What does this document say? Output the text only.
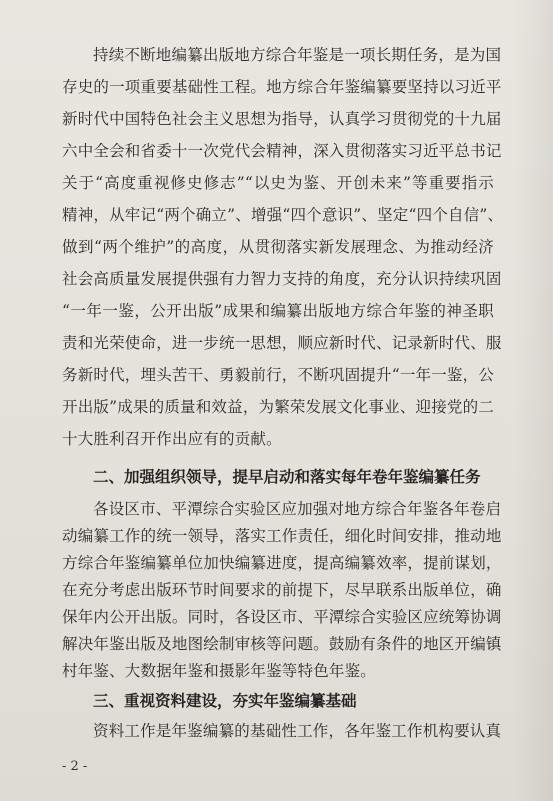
持续不断地编纂出版地方综合年鉴是一项长期任务，是为国
存史的一项重要基础性工程。地方综合年鉴编纂要坚持以习近平
新时代中国特色社会主义思想为指导，认真学习贯彻党的十九届
六中全会和省委十一次党代会精神，深入贯彻落实习近平总书记
关于“高度重视修史修志”“以史为鉴、开创未来”等重要指示
精神，从牢记“两个确立”、增强“四个意识”、坚定“四个自信”、
做到“两个维护”的高度，从贯彻落实新发展理念、为推动经济
社会高质量发展提供强有力智力支持的角度，充分认识持续巩固
“一年一鉴，公开出版”成果和编纂出版地方综合年鉴的神圣职
责和光荣使命，进一步统一思想，顺应新时代、记录新时代、服
务新时代，埋头苦干、勇毅前行，不断巩固提升“一年一鉴，公
开出版”成果的质量和效益，为繁荣发展文化事业、迎接党的二
十大胜利召开作出应有的贡献。
二、加强组织领导，提早启动和落实每年卷年鉴编纂任务
各设区市、平潭综合实验区应加强对地方综合年鉴各年卷启
动编纂工作的统一领导，落实工作责任，细化时间安排，推动地
方综合年鉴编纂单位加快编纂进度，提高编纂效率，提前谋划，
在充分考虑出版环节时间要求的前提下，尽早联系出版单位，确
保年内公开出版。同时，各设区市、平潭综合实验区应统筹协调
解决年鉴出版及地图绘制审核等问题。鼓励有条件的地区开编镇
村年鉴、大数据年鉴和摄影年鉴等特色年鉴。
三、重视资料建设，夯实年鉴编纂基础
资料工作是年鉴编纂的基础性工作，各年鉴工作机构要认真
- 2 -
